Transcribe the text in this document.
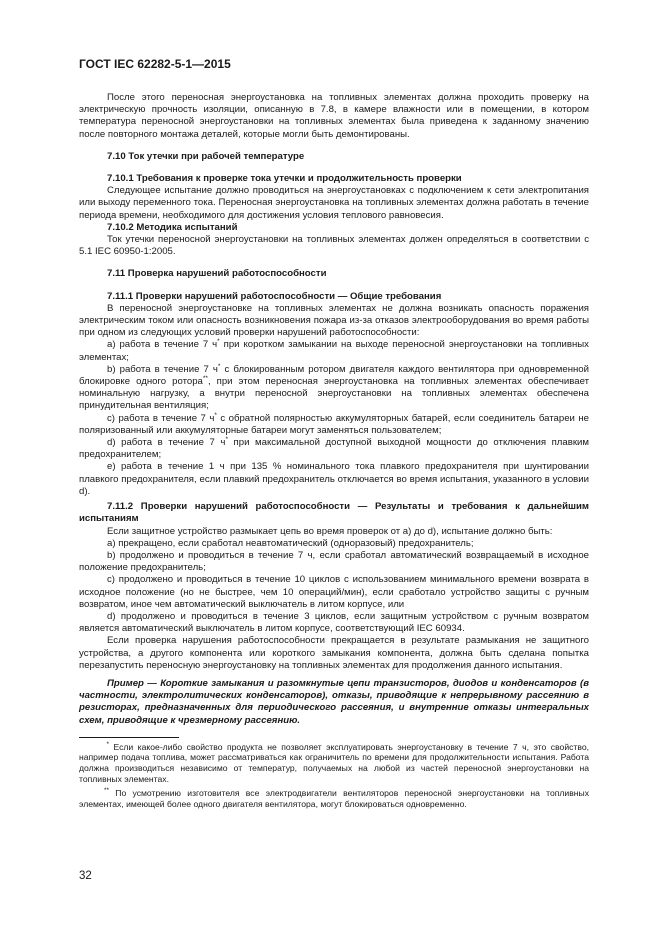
ГОСТ IEC 62282-5-1—2015

После этого переносная энергоустановка на топливных элементах должна проходить проверку на электрическую прочность изоляции, описанную в 7.8, в камере влажности или в помещении, в котором температура переносной энергоустановки на топливных элементах была приведена к заданному значению после повторного монтажа деталей, которые могли быть демонтированы.

7.10 Ток утечки при рабочей температуре

7.10.1 Требования к проверке тока утечки и продолжительность проверки

Следующее испытание должно проводиться на энергоустановках с подключением к сети электропитания или выходу переменного тока. Переносная энергоустановка на топливных элементах должна работать в течение периода времени, необходимого для достижения условия теплового равновесия.

7.10.2 Методика испытаний

Ток утечки переносной энергоустановки на топливных элементах должен определяться в соответствии с 5.1 IEC 60950-1:2005.

7.11 Проверка нарушений работоспособности

7.11.1 Проверки нарушений работоспособности — Общие требования

В переносной энергоустановке на топливных элементах не должна возникать опасность поражения электрическим током или опасность возникновения пожара из-за отказов электрооборудования во время работы при одном из следующих условий проверки нарушений работоспособности:

а) работа в течение 7 ч* при коротком замыкании на выходе переносной энергоустановки на топливных элементах;

b) работа в течение 7 ч* с блокированным ротором двигателя каждого вентилятора при одновременной блокировке одного ротора**, при этом переносная энергоустановка на топливных элементах обеспечивает номинальную нагрузку, а внутри переносной энергоустановки на топливных элементах обеспечена принудительная вентиляция;

c) работа в течение 7 ч* с обратной полярностью аккумуляторных батарей, если соединитель батареи не поляризованный или аккумуляторные батареи могут заменяться пользователем;

d) работа в течение 7 ч* при максимальной доступной выходной мощности до отключения плавким предохранителем;

e) работа в течение 1 ч при 135 % номинального тока плавкого предохранителя при шунтировании плавкого предохранителя, если плавкий предохранитель отключается во время испытания, указанного в условии d).

7.11.2 Проверки нарушений работоспособности — Результаты и требования к дальнейшим испытаниям

Если защитное устройство размыкает цепь во время проверок от а) до d), испытание должно быть:

а) прекращено, если сработал неавтоматический (одноразовый) предохранитель;

b) продолжено и проводиться в течение 7 ч, если сработал автоматический возвращаемый в исходное положение предохранитель;

c) продолжено и проводиться в течение 10 циклов с использованием минимального времени возврата в исходное положение (но не быстрее, чем 10 операций/мин), если сработало устройство защиты с ручным возвратом, иное чем автоматический выключатель в литом корпусе, или

d) продолжено и проводиться в течение 3 циклов, если защитным устройством с ручным возвратом является автоматический выключатель в литом корпусе, соответствующий IEC 60934.

Если проверка нарушения работоспособности прекращается в результате размыкания не защитного устройства, а другого компонента или короткого замыкания компонента, должна быть сделана попытка перезапустить переносную энергоустановку на топливных элементах для продолжения данного испытания.

Пример — Короткие замыкания и разомкнутые цепи транзисторов, диодов и конденсаторов (в частности, электролитических конденсаторов), отказы, приводящие к непрерывному рассеянию в резисторах, предназначенных для периодического рассеяния, и внутренние отказы интегральных схем, приводящие к чрезмерному рассеянию.

* Если какое-либо свойство продукта не позволяет эксплуатировать энергоустановку в течение 7 ч, это свойство, например подача топлива, может рассматриваться как ограничитель по времени для продолжительности испытания. Работа должна производиться независимо от температур, получаемых на любой из частей переносной энергоустановки на топливных элементах.

** По усмотрению изготовителя все электродвигатели вентиляторов переносной энергоустановки на топливных элементах, имеющей более одного двигателя вентилятора, могут блокироваться одновременно.

32
